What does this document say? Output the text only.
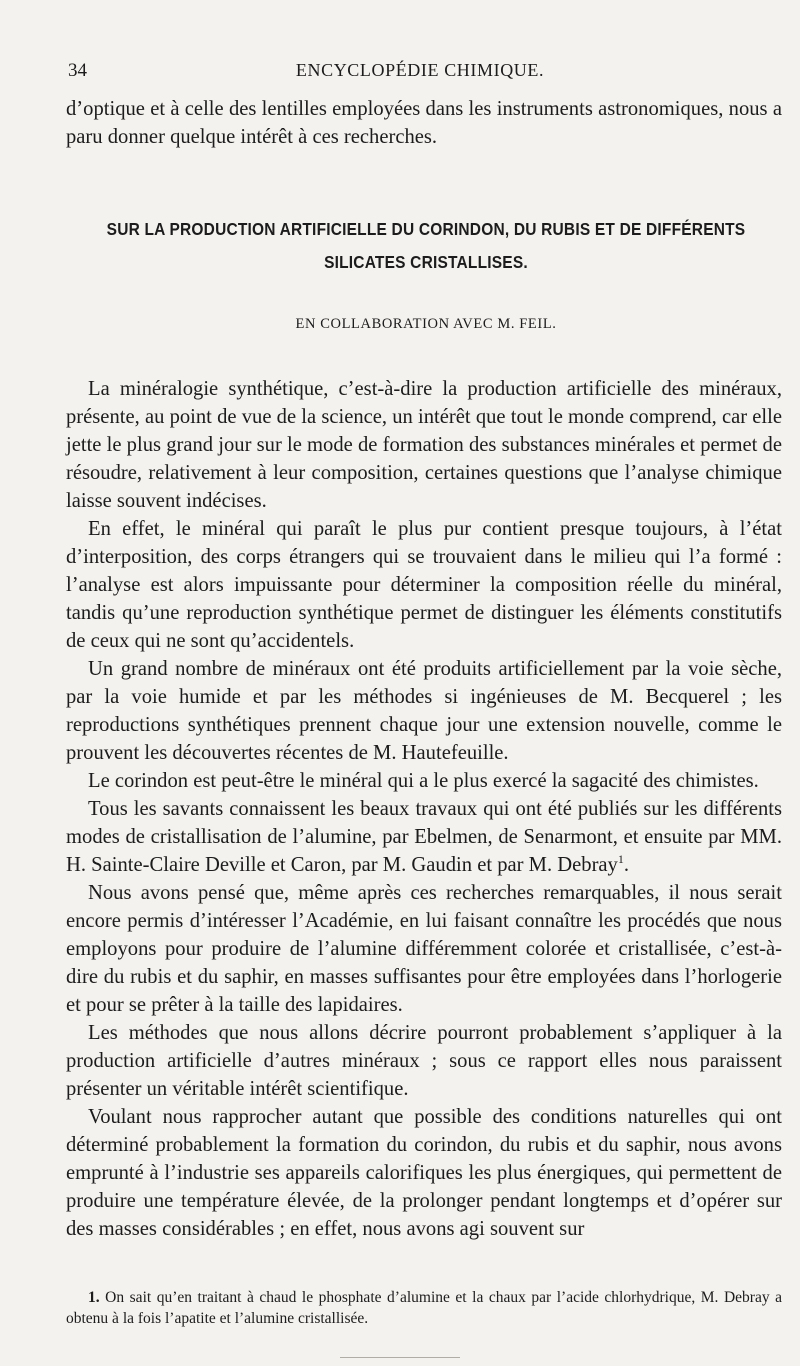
34	ENCYCLOPÉDIE CHIMIQUE.

d’optique et à celle des lentilles employées dans les instruments astronomiques, nous a paru donner quelque intérêt à ces recherches.

SUR LA PRODUCTION ARTIFICIELLE DU CORINDON, DU RUBIS ET DE DIFFÉRENTS
SILICATES CRISTALLISES.
EN COLLABORATION AVEC M. FEIL.

La minéralogie synthétique, c’est-à-dire la production artificielle des minéraux, présente, au point de vue de la science, un intérêt que tout le monde comprend, car elle jette le plus grand jour sur le mode de formation des substances minérales et permet de résoudre, relativement à leur composition, certaines questions que l’analyse chimique laisse souvent indécises.

En effet, le minéral qui paraît le plus pur contient presque toujours, à l’état d’interposition, des corps étrangers qui se trouvaient dans le milieu qui l’a formé : l’analyse est alors impuissante pour déterminer la composition réelle du minéral, tandis qu’une reproduction synthétique permet de distinguer les éléments constitutifs de ceux qui ne sont qu’accidentels.

Un grand nombre de minéraux ont été produits artificiellement par la voie sèche, par la voie humide et par les méthodes si ingénieuses de M. Becquerel ; les reproductions synthétiques prennent chaque jour une extension nouvelle, comme le prouvent les découvertes récentes de M. Hautefeuille.

Le corindon est peut-être le minéral qui a le plus exercé la sagacité des chimistes.

Tous les savants connaissent les beaux travaux qui ont été publiés sur les différents modes de cristallisation de l’alumine, par Ebelmen, de Senarmont, et ensuite par MM. H. Sainte-Claire Deville et Caron, par M. Gaudin et par M. Debray$^1$.

Nous avons pensé que, même après ces recherches remarquables, il nous serait encore permis d’intéresser l’Académie, en lui faisant connaître les procédés que nous employons pour produire de l’alumine différemment colorée et cristallisée, c’est-à-dire du rubis et du saphir, en masses suffisantes pour être employées dans l’horlogerie et pour se prêter à la taille des lapidaires.

Les méthodes que nous allons décrire pourront probablement s’appliquer à la production artificielle d’autres minéraux ; sous ce rapport elles nous paraissent présenter un véritable intérêt scientifique.

Voulant nous rapprocher autant que possible des conditions naturelles qui ont déterminé probablement la formation du corindon, du rubis et du saphir, nous avons emprunté à l’industrie ses appareils calorifiques les plus énergiques, qui permettent de produire une température élevée, de la prolonger pendant longtemps et d’opérer sur des masses considérables ; en effet, nous avons agi souvent sur

1. On sait qu’en traitant à chaud le phosphate d’alumine et la chaux par l’acide chlorhydrique, M. Debray a obtenu à la fois l’apatite et l’alumine cristallisée.
